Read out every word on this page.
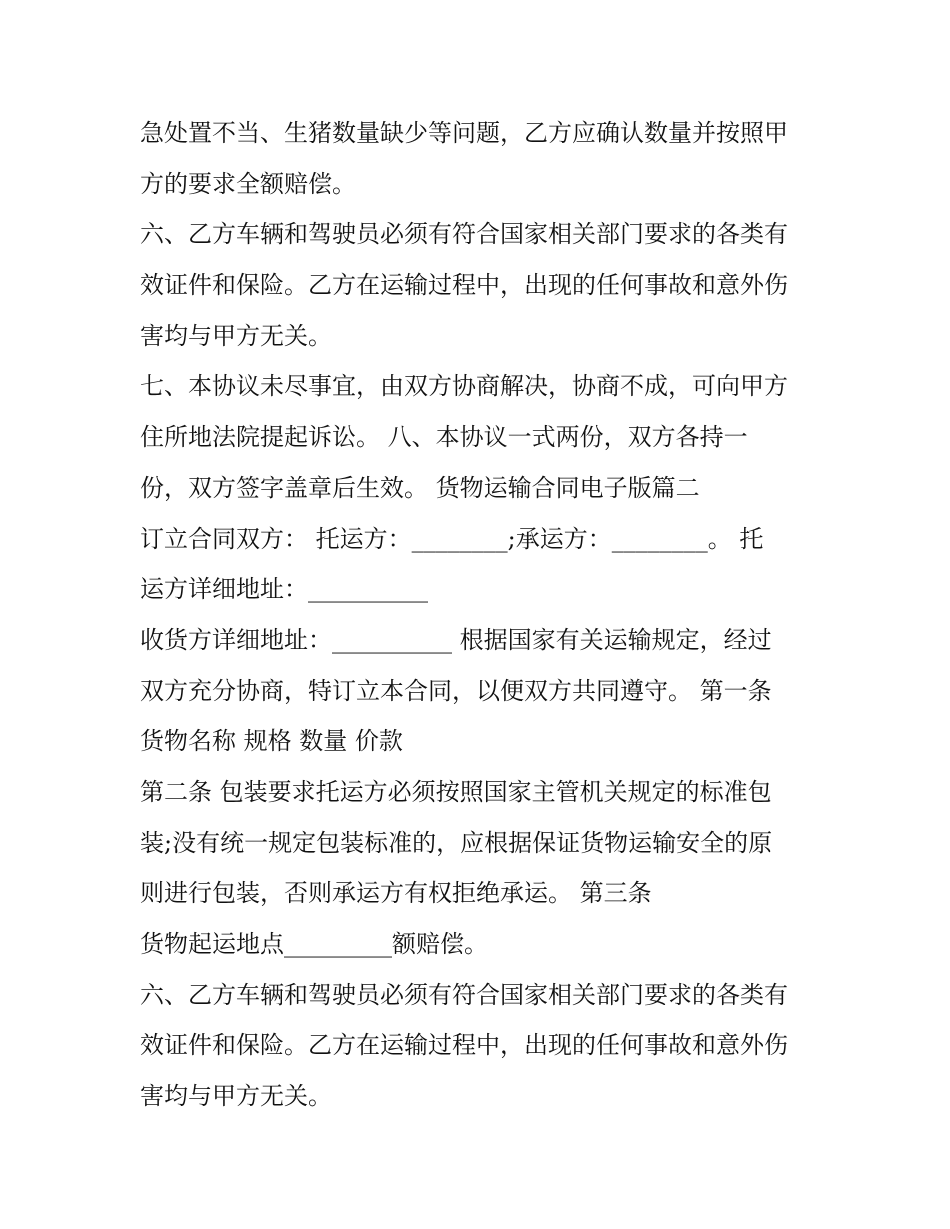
急处置不当、生猪数量缺少等问题，乙方应确认数量并按照甲
方的要求全额赔偿。
六、乙方车辆和驾驶员必须有符合国家相关部门要求的各类有
效证件和保险。乙方在运输过程中，出现的任何事故和意外伤
害均与甲方无关。
七、本协议未尽事宜，由双方协商解决，协商不成，可向甲方
住所地法院提起诉讼。 八、本协议一式两份，双方各持一
份，双方签字盖章后生效。 货物运输合同电子版篇二
订立合同双方： 托运方：________;承运方：________。 托
运方详细地址：__________
收货方详细地址：__________ 根据国家有关运输规定，经过
双方充分协商，特订立本合同，以便双方共同遵守。 第一条
货物名称 规格 数量 价款
第二条 包装要求托运方必须按照国家主管机关规定的标准包
装;没有统一规定包装标准的，应根据保证货物运输安全的原
则进行包装，否则承运方有权拒绝承运。 第三条
货物起运地点_________额赔偿。
六、乙方车辆和驾驶员必须有符合国家相关部门要求的各类有
效证件和保险。乙方在运输过程中，出现的任何事故和意外伤
害均与甲方无关。
